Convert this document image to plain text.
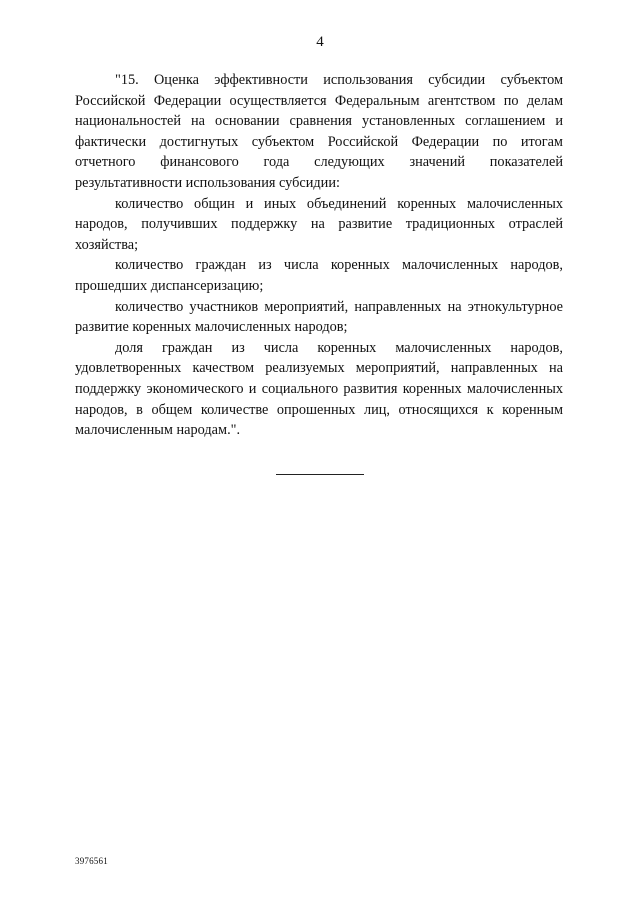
4

"15. Оценка эффективности использования субсидии субъектом Российской Федерации осуществляется Федеральным агентством по делам национальностей на основании сравнения установленных соглашением и фактически достигнутых субъектом Российской Федерации по итогам отчетного финансового года следующих значений показателей результативности использования субсидии:

количество общин и иных объединений коренных малочисленных народов, получивших поддержку на развитие традиционных отраслей хозяйства;

количество граждан из числа коренных малочисленных народов, прошедших диспансеризацию;

количество участников мероприятий, направленных на этнокультурное развитие коренных малочисленных народов;

доля граждан из числа коренных малочисленных народов, удовлетворенных качеством реализуемых мероприятий, направленных на поддержку экономического и социального развития коренных малочисленных народов, в общем количестве опрошенных лиц, относящихся к коренным малочисленным народам.".

3976561
